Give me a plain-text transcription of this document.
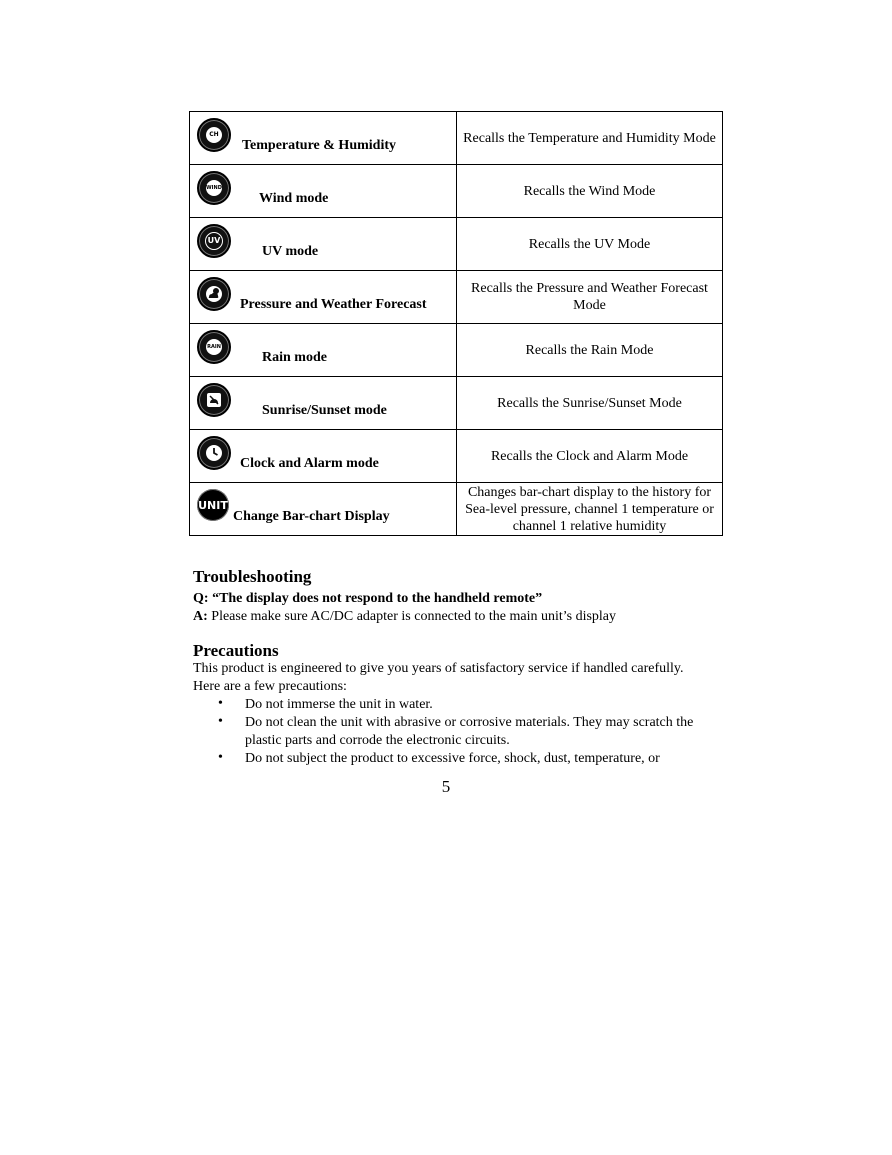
CH
Temperature & Humidity	Recalls the Temperature and Humidity Mode

WIND
Wind mode	Recalls the Wind Mode

UV
UV mode	Recalls the UV Mode

Pressure and Weather Forecast	Recalls the Pressure and Weather Forecast Mode

RAIN
Rain mode	Recalls the Rain Mode

Sunrise/Sunset mode	Recalls the Sunrise/Sunset Mode

Clock and Alarm mode	Recalls the Clock and Alarm Mode

UNIT
Change Bar-chart Display	Changes bar-chart display to the history for Sea-level pressure, channel 1 temperature or channel 1 relative humidity
Troubleshooting
Q: “The display does not respond to the handheld remote”
A: Please make sure AC/DC adapter is connected to the main unit’s display
Precautions
This product is engineered to give you years of satisfactory service if handled carefully.
Here are a few precautions:
• Do not immerse the unit in water.
• Do not clean the unit with abrasive or corrosive materials. They may scratch the
plastic parts and corrode the electronic circuits.
• Do not subject the product to excessive force, shock, dust, temperature, or
5
